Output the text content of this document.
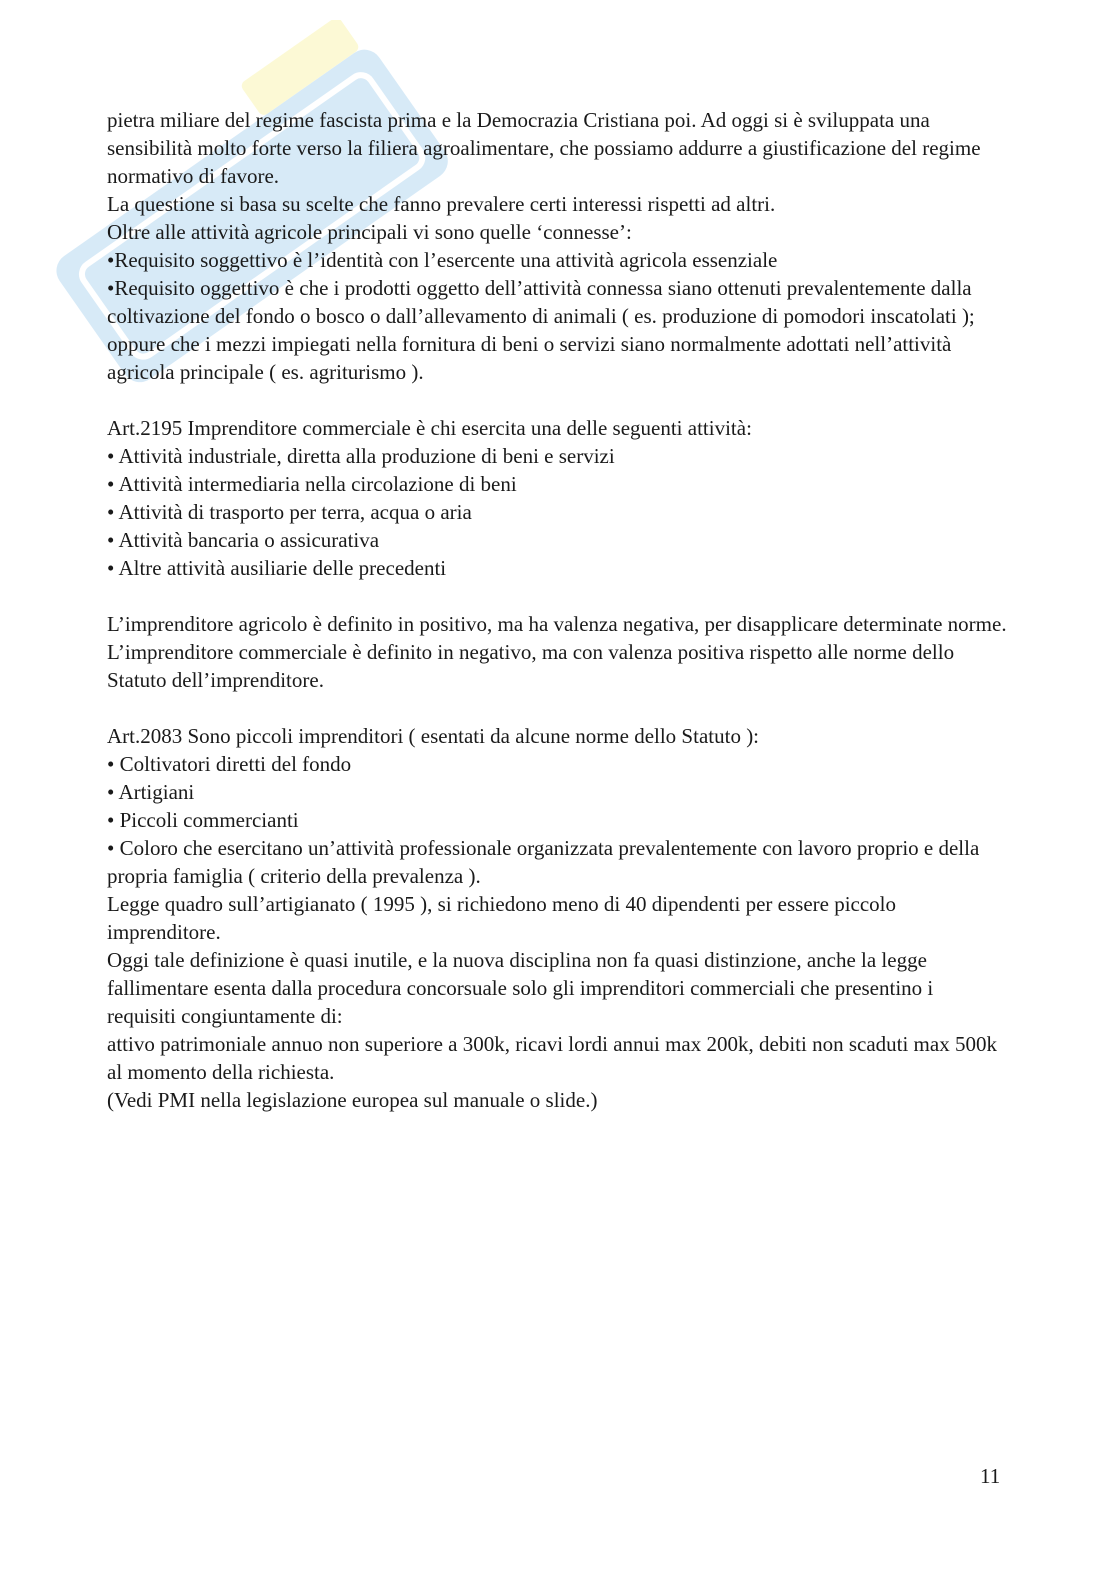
pietra miliare del regime fascista prima e la Democrazia Cristiana poi. Ad oggi si è sviluppata una sensibilità molto forte verso la filiera agroalimentare, che possiamo addurre a giustificazione del regime normativo di favore.

La questione si basa su scelte che fanno prevalere certi interessi rispetti ad altri.

Oltre alle attività agricole principali vi sono quelle ‘connesse’:

•Requisito soggettivo è l’identità con l’esercente una attività agricola essenziale

•Requisito oggettivo è che i prodotti oggetto dell’attività connessa siano ottenuti prevalentemente dalla coltivazione del fondo o bosco o dall’allevamento di animali ( es. produzione di pomodori inscatolati ); oppure che i mezzi impiegati nella fornitura di beni o servizi siano normalmente adottati nell’attività agricola principale ( es. agriturismo ).

Art.2195 Imprenditore commerciale è chi esercita una delle seguenti attività:

• Attività industriale, diretta alla produzione di beni e servizi

• Attività intermediaria nella circolazione di beni

• Attività di trasporto per terra, acqua o aria

• Attività bancaria o assicurativa

• Altre attività ausiliarie delle precedenti

L’imprenditore agricolo è definito in positivo, ma ha valenza negativa, per disapplicare determinate norme.

L’imprenditore commerciale è definito in negativo, ma con valenza positiva rispetto alle norme dello Statuto dell’imprenditore.

Art.2083 Sono piccoli imprenditori ( esentati da alcune norme dello Statuto ):

• Coltivatori diretti del fondo

• Artigiani

• Piccoli commercianti

• Coloro che esercitano un’attività professionale organizzata prevalentemente con lavoro proprio e della propria famiglia ( criterio della prevalenza ).

Legge quadro sull’artigianato ( 1995 ), si richiedono meno di 40 dipendenti per essere piccolo imprenditore.

Oggi tale definizione è quasi inutile, e la nuova disciplina non fa quasi distinzione, anche la legge fallimentare esenta dalla procedura concorsuale solo gli imprenditori commerciali che presentino i requisiti congiuntamente di:

attivo patrimoniale annuo non superiore a 300k, ricavi lordi annui max 200k, debiti non scaduti max 500k al momento della richiesta.

(Vedi PMI nella legislazione europea sul manuale o slide.)

11
